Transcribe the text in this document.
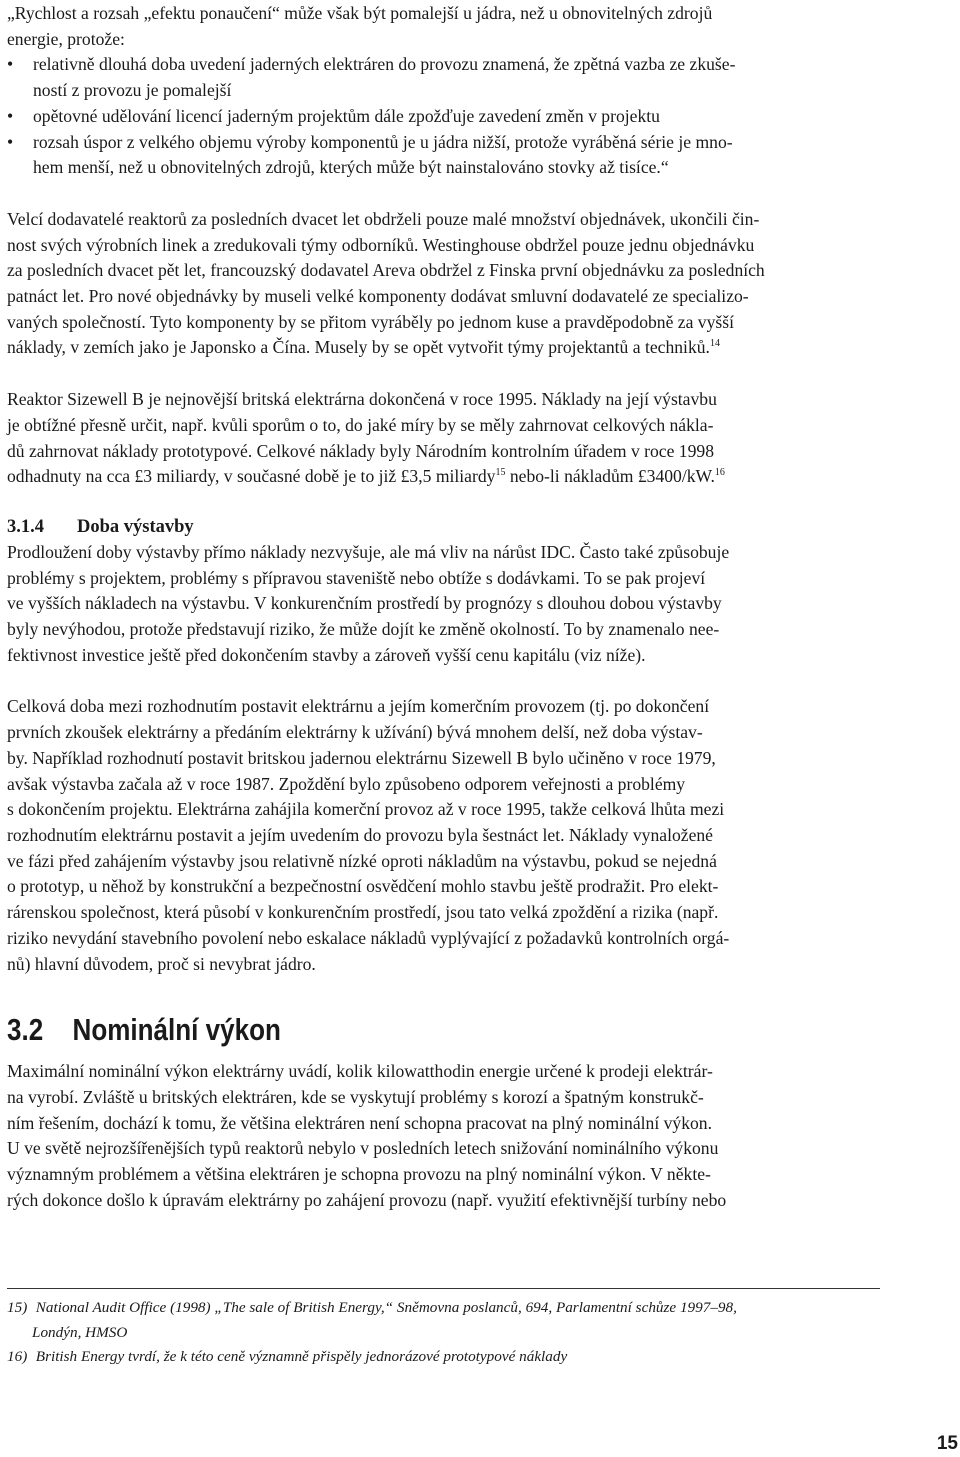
„Rychlost a rozsah „efektu ponaučení“ může však být pomalejší u jádra, než u obnovitelných zdrojů
energie, protože:
• relativně dlouhá doba uvedení jaderných elektráren do provozu znamená, že zpětná vazba ze zkuše-
ností z provozu je pomalejší
• opětovné udělování licencí jaderným projektům dále zpožďuje zavedení změn v projektu
• rozsah úspor z velkého objemu výroby komponentů je u jádra nižší, protože vyráběná série je mno-
hem menší, než u obnovitelných zdrojů, kterých může být nainstalováno stovky až tisíce.“
Velcí dodavatelé reaktorů za posledních dvacet let obdrželi pouze malé množství objednávek, ukončili čin-
nost svých výrobních linek a zredukovali týmy odborníků. Westinghouse obdržel pouze jednu objednávku
za posledních dvacet pět let, francouzský dodavatel Areva obdržel z Finska první objednávku za posledních
patnáct let. Pro nové objednávky by museli velké komponenty dodávat smluvní dodavatelé ze specializo-
vaných společností. Tyto komponenty by se přitom vyráběly po jednom kuse a pravděpodobně za vyšší
náklady, v zemích jako je Japonsko a Čína. Musely by se opět vytvořit týmy projektantů a techniků.$^{14}$
Reaktor Sizewell B je nejnovější britská elektrárna dokončená v roce 1995. Náklady na její výstavbu
je obtížné přesně určit, např. kvůli sporům o to, do jaké míry by se měly zahrnovat celkových nákla-
dů zahrnovat náklady prototypové. Celkové náklady byly Národním kontrolním úřadem v roce 1998
odhadnuty na cca £3 miliardy, v současné době je to již £3,5 miliardy$^{15}$ nebo-li nákladům £3400/kW.$^{16}$
3.1.4 Doba výstavby
Prodloužení doby výstavby přímo náklady nezvyšuje, ale má vliv na nárůst IDC. Často také způsobuje
problémy s projektem, problémy s přípravou staveniště nebo obtíže s dodávkami. To se pak projeví
ve vyšších nákladech na výstavbu. V konkurenčním prostředí by prognózy s dlouhou dobou výstavby
byly nevýhodou, protože představují riziko, že může dojít ke změně okolností. To by znamenalo nee-
fektivnost investice ještě před dokončením stavby a zároveň vyšší cenu kapitálu (viz níže).
Celková doba mezi rozhodnutím postavit elektrárnu a jejím komerčním provozem (tj. po dokončení
prvních zkoušek elektrárny a předáním elektrárny k užívání) bývá mnohem delší, než doba výstav-
by. Například rozhodnutí postavit britskou jadernou elektrárnu Sizewell B bylo učiněno v roce 1979,
avšak výstavba začala až v roce 1987. Zpoždění bylo způsobeno odporem veřejnosti a problémy
s dokončením projektu. Elektrárna zahájila komerční provoz až v roce 1995, takže celková lhůta mezi
rozhodnutím elektrárnu postavit a jejím uvedením do provozu byla šestnáct let. Náklady vynaložené
ve fázi před zahájením výstavby jsou relativně nízké oproti nákladům na výstavbu, pokud se nejedná
o prototyp, u něhož by konstrukční a bezpečnostní osvědčení mohlo stavbu ještě prodražit. Pro elekt-
rárenskou společnost, která působí v konkurenčním prostředí, jsou tato velká zpoždění a rizika (např.
riziko nevydání stavebního povolení nebo eskalace nákladů vyplývající z požadavků kontrolních orgá-
nů) hlavní důvodem, proč si nevybrat jádro.
3.2 Nominální výkon
Maximální nominální výkon elektrárny uvádí, kolik kilowatthodin energie určené k prodeji elektrár-
na vyrobí. Zvláště u britských elektráren, kde se vyskytují problémy s korozí a špatným konstrukč-
ním řešením, dochází k tomu, že většina elektráren není schopna pracovat na plný nominální výkon.
U ve světě nejrozšířenějších typů reaktorů nebylo v posledních letech snižování nominálního výkonu
významným problémem a většina elektráren je schopna provozu na plný nominální výkon. V někte-
rých dokonce došlo k úpravám elektrárny po zahájení provozu (např. využití efektivnější turbíny nebo
15) National Audit Office (1998) „The sale of British Energy,“ Sněmovna poslanců, 694, Parlamentní schůze 1997–98,
Londýn, HMSO
16) British Energy tvrdí, že k této ceně významně přispěly jednorázové prototypové náklady
15
